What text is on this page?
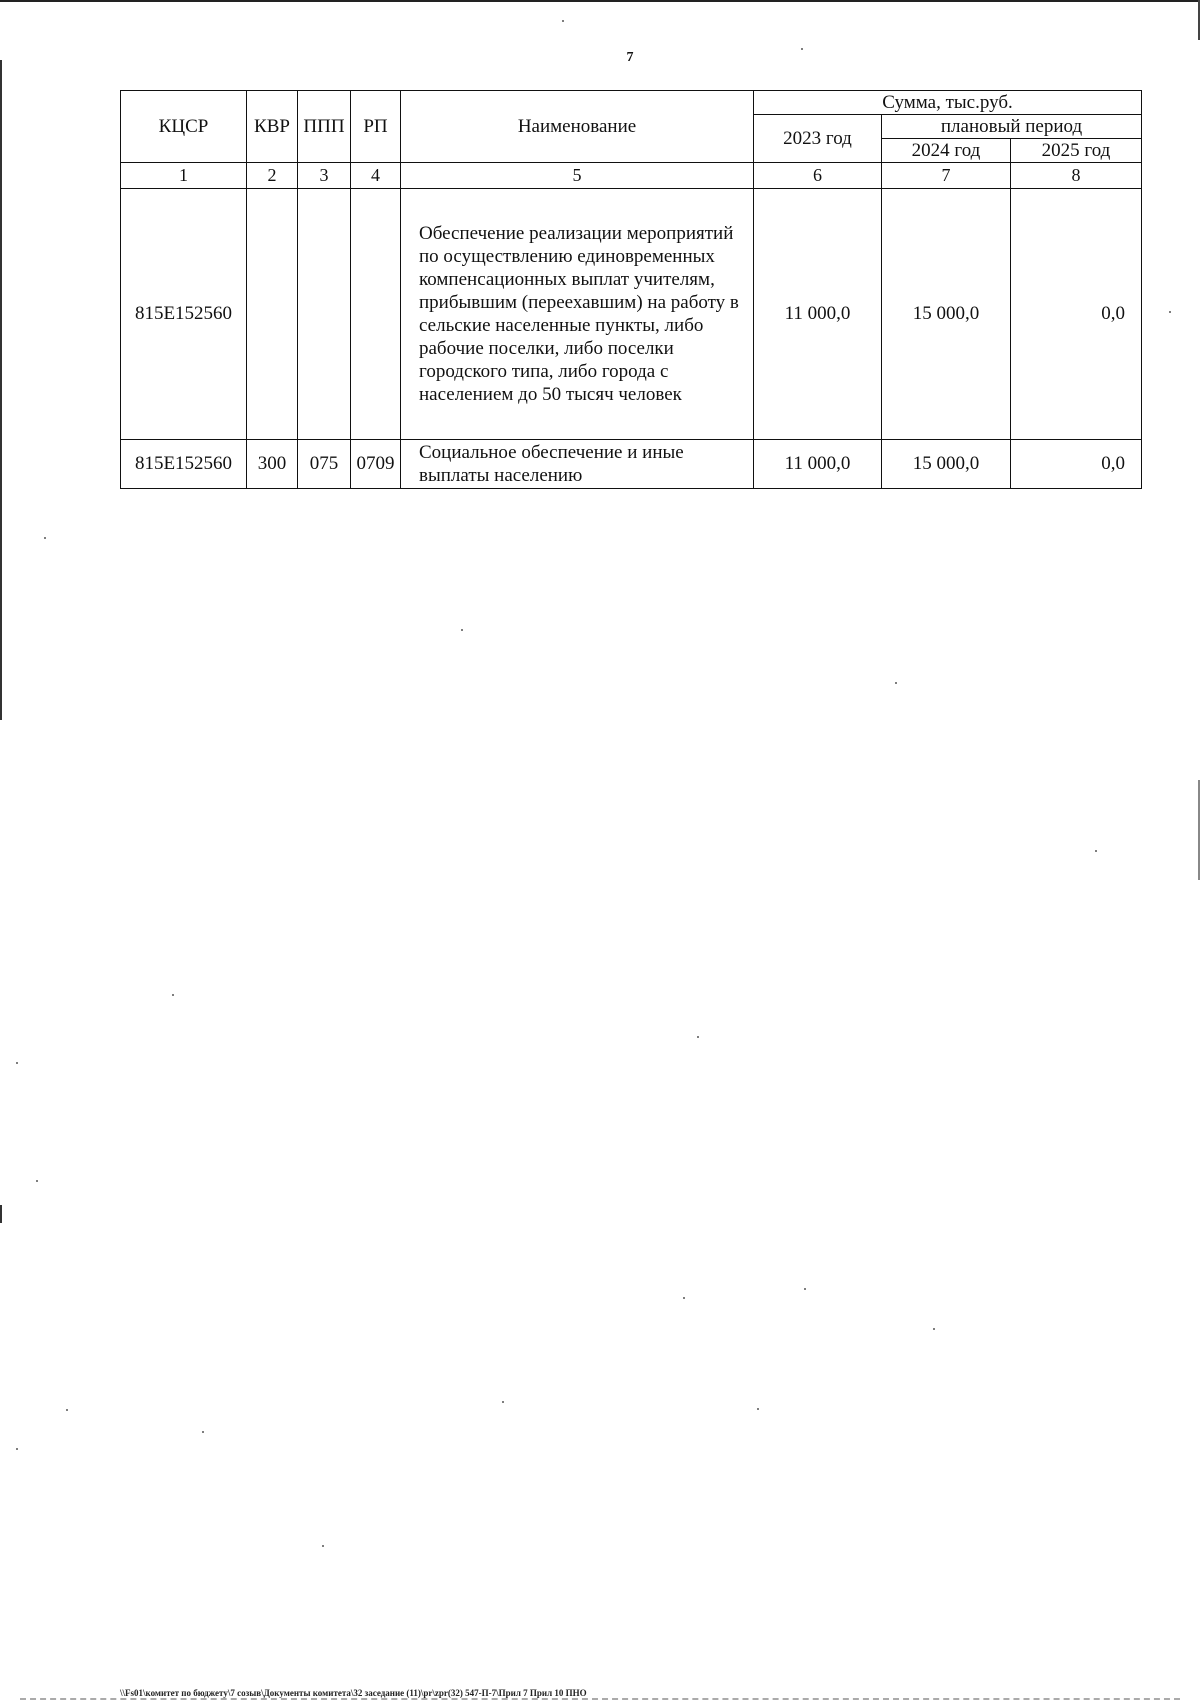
7
КЦСР	КВР	ППП	РП	Наименование	Сумма, тыс.руб.		
					2023 год	плановый период	
						2024 год	2025 год
1	2	3	4	5	6	7	8
815E152560				Обеспечение реализации мероприятий по осуществлению единовременных компенсационных выплат учителям, прибывшим (переехавшим) на работу в сельские населенные пункты, либо рабочие поселки, либо поселки городского типа, либо города с населением до 50 тысяч человек	11 000,0	15 000,0	0,0
815E152560	300	075	0709	Социальное обеспечение и иные выплаты населению	11 000,0	15 000,0	0,0
\\Fs01\комитет по бюджету\7 созыв\Документы комитета\32 заседание (11)\pr\zpr(32) 547-П-7\Прил 7 Прил 10 ПНО
